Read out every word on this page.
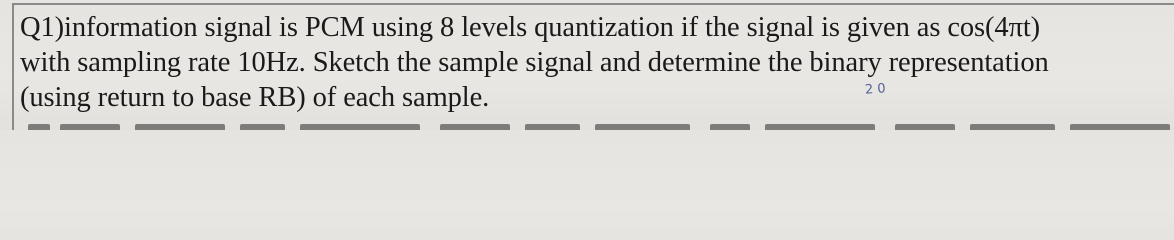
Q1)information signal is PCM using 8 levels quantization if the signal is given as cos(4πt)
with sampling rate 10Hz. Sketch the sample signal and determine the binary representation
(using return to base RB) of each sample.	2 0
